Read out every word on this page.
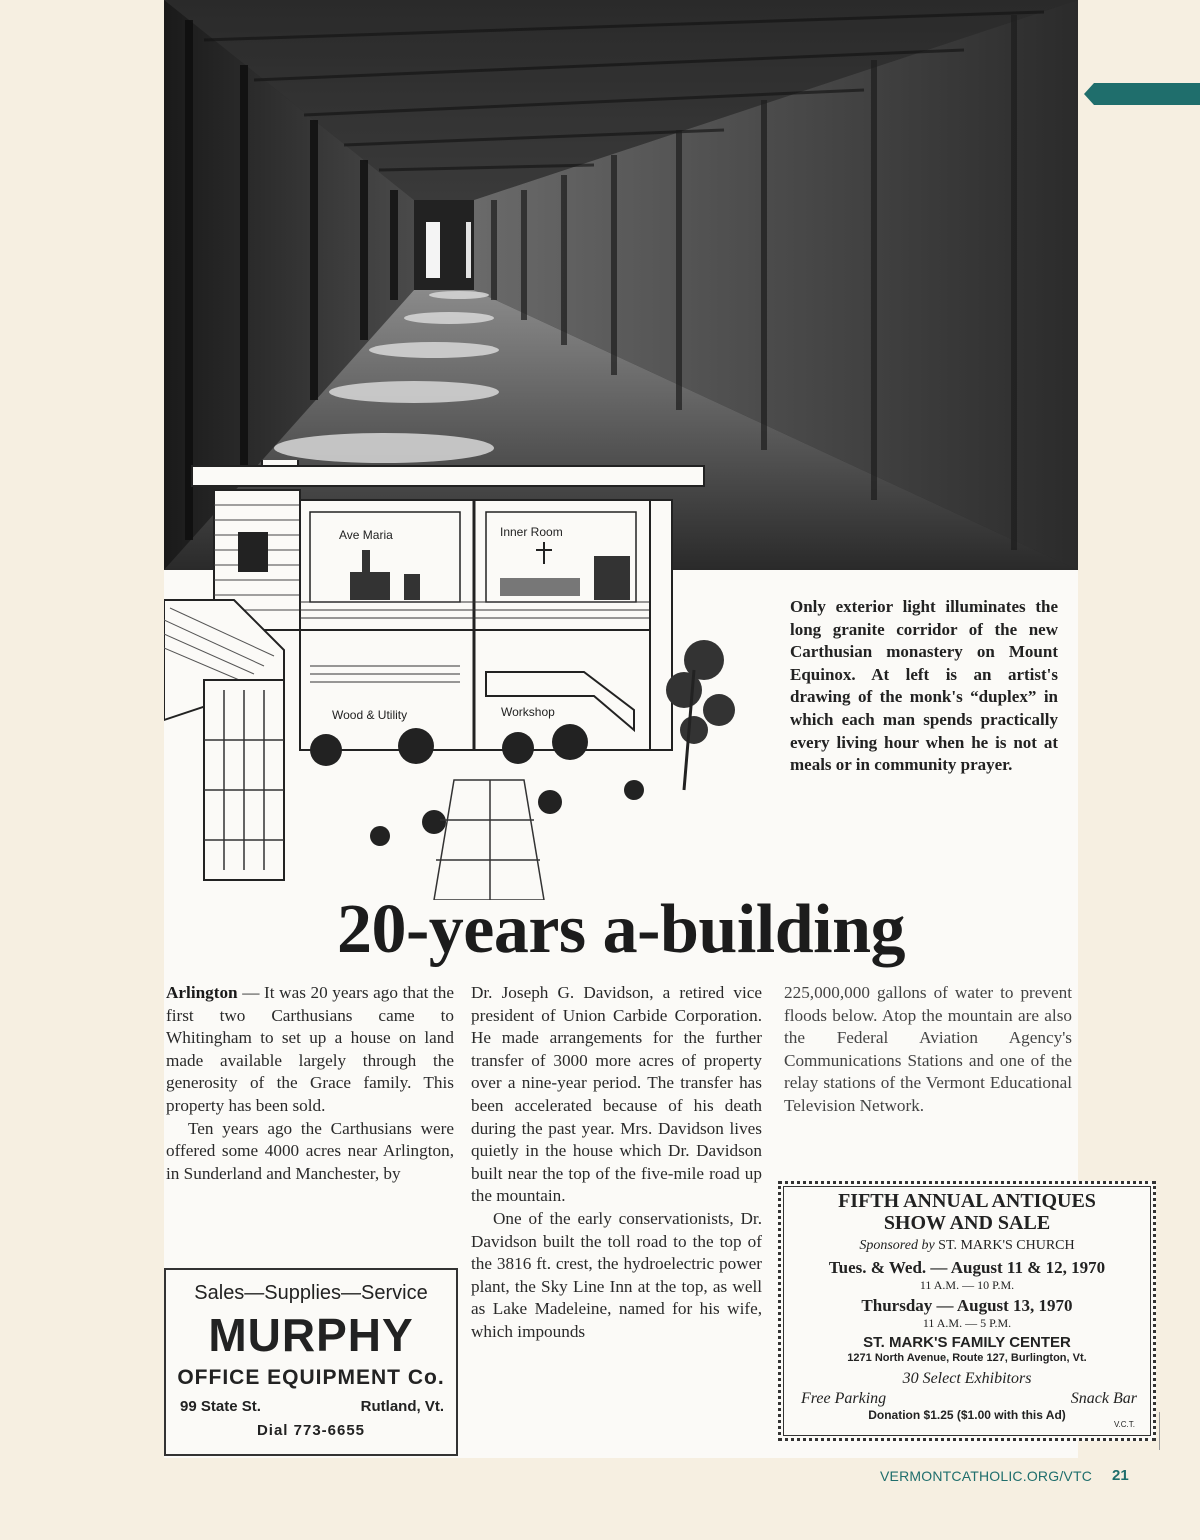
Ave Maria	Inner Room
Wood & Utility	Workshop
Only exterior light illuminates the long granite corridor of the new Carthusian monastery on Mount Equinox. At left is an artist's drawing of the monk's “duplex” in which each man spends practically every living hour when he is not at meals or in community prayer.
20-years a-building

Arlington — It was 20 years ago that the first two Carthusians came to Whitingham to set up a house on land made available largely through the generosity of the Grace family. This property has been sold.

Ten years ago the Carthusians were offered some 4000 acres near Arlington, in Sunderland and Manchester, by

Dr. Joseph G. Davidson, a retired vice president of Union Carbide Corporation. He made arrangements for the further transfer of 3000 more acres of property over a nine-year period. The transfer has been accelerated because of his death during the past year. Mrs. Davidson lives quietly in the house which Dr. Davidson built near the top of the five-mile road up the mountain.

One of the early conservationists, Dr. Davidson built the toll road to the top of the 3816 ft. crest, the hydroelectric power plant, the Sky Line Inn at the top, as well as Lake Madeleine, named for his wife, which impounds

225,000,000 gallons of water to prevent floods below. Atop the mountain are also the Federal Aviation Agency's Communications Stations and one of the relay stations of the Vermont Educational Television Network.

Sales—Supplies—Service
MURPHY
OFFICE EQUIPMENT Co.
99 State St.	Rutland, Vt.
Dial 773-6655
FIFTH ANNUAL ANTIQUES
SHOW AND SALE
Sponsored by ST. MARK'S CHURCH
Tues. & Wed. — August 11 & 12, 1970
11 A.M. — 10 P.M.
Thursday — August 13, 1970
11 A.M. — 5 P.M.
ST. MARK'S FAMILY CENTER
1271 North Avenue, Route 127, Burlington, Vt.
30 Select Exhibitors
Free Parking	Snack Bar
Donation $1.25 ($1.00 with this Ad)
V.C.T.
VERMONTCATHOLIC.ORG/VTC 21
